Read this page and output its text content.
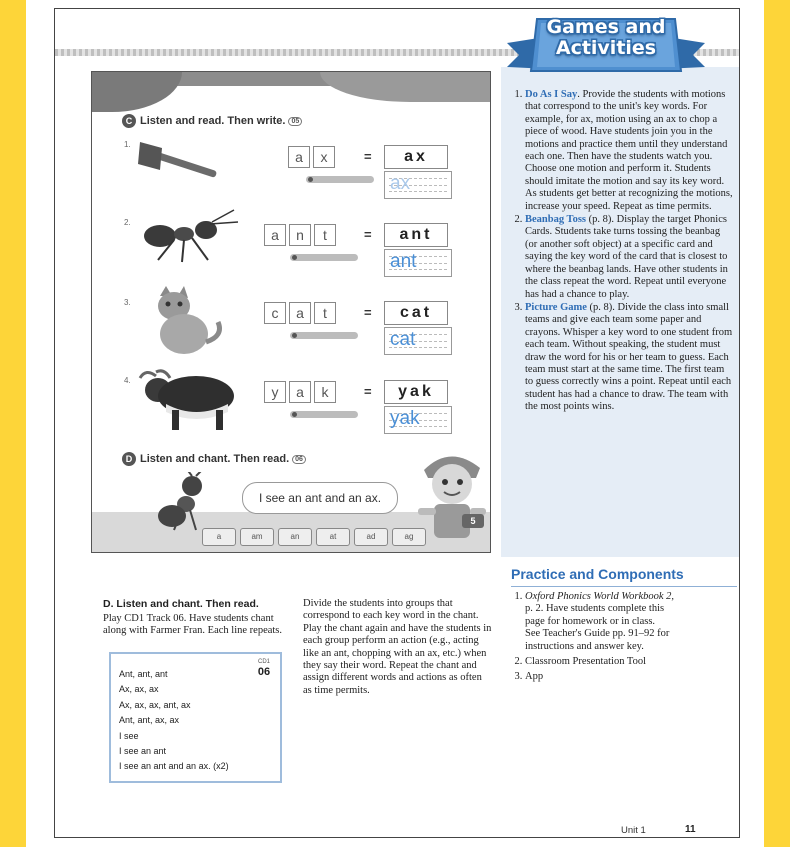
Games and
Activities
1. Do As I Say. Provide the students with motions that correspond to the unit's key words. For example, for ax, motion using an ax to chop a piece of wood. Have students join you in the motions and practice them until they understand each one. Then have the students watch you. Choose one motion and perform it. Students should imitate the motion and say its key word. As students get better at recognizing the motions, increase your speed. Repeat as time permits.
2. Beanbag Toss (p. 8). Display the target Phonics Cards. Students take turns tossing the beanbag (or another soft object) at a specific card and saying the key word of the card that is closest to where the beanbag lands. Have other students in the class repeat the word. Repeat until everyone has had a chance to play.
3. Picture Game (p. 8). Divide the class into small teams and give each team some paper and crayons. Whisper a key word to one student from each team. Without speaking, the student must draw the word for his or her team to guess. Each team must start at the same time. The first team to guess correctly wins a point. Repeat until each student has had a chance to draw. The team with the most points wins.
Practice and Components
1. Oxford Phonics World Workbook 2,
p. 2. Have students complete this
page for homework or in class.
See Teacher's Guide pp. 91–92 for
instructions and answer key.
2. Classroom Presentation Tool
3. App
C Listen and read. Then write. 05
1.
a	x	=	ax
ax
2.
a	n	t	=	ant
ant
3.
c	a	t	=	cat
cat
4.
y	a	k	=	yak
yak
D Listen and chant. Then read. 06
I see an ant and an ax.
a	am	an	at	ad	ag
5
D. Listen and chant. Then read.

Play CD1 Track 06. Have students chant along with Farmer Fran. Each line repeats.

CD1
06
Ant, ant, ant
Ax, ax, ax
Ax, ax, ax, ant, ax
Ant, ant, ax, ax
I see
I see an ant
I see an ant and an ax. (x2)

Divide the students into groups that correspond to each key word in the chant. Play the chant again and have the students in each group perform an action (e.g., acting like an ant, chopping with an ax, etc.) when they say their word. Repeat the chant and assign different words and actions as often as time permits.

Unit 1	11
